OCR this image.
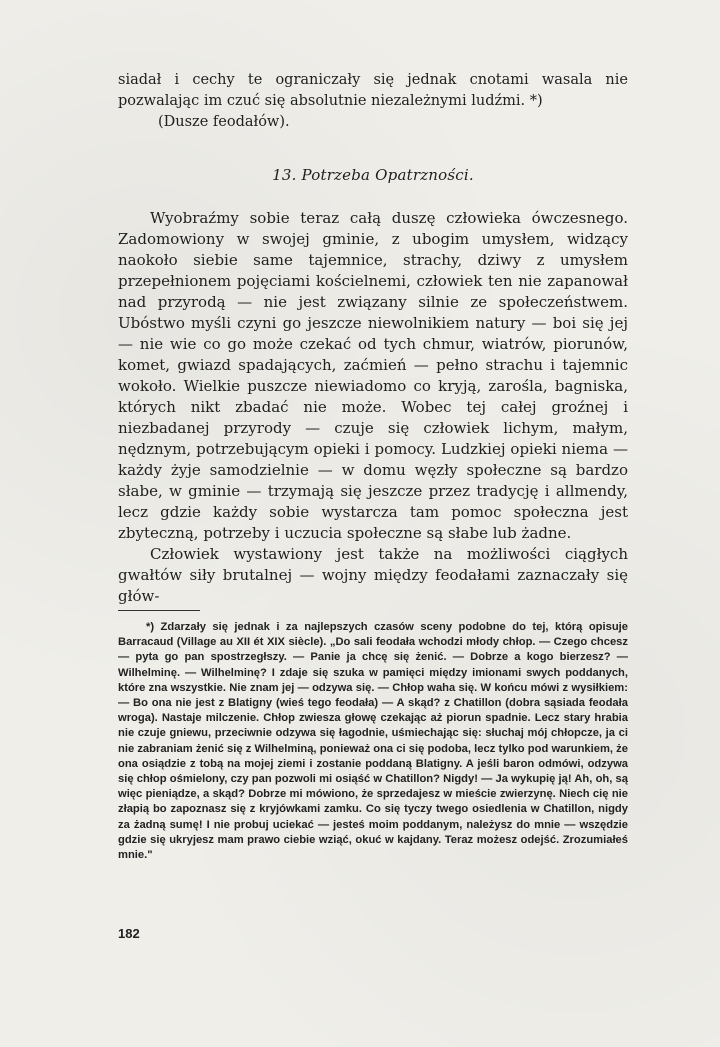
siadał i cechy te ograniczały się jednak cnotami wasala nie pozwalając im czuć się absolutnie niezależnymi ludźmi. *)

(Dusze feodałów).

13. Potrzeba Opatrzności.

Wyobraźmy sobie teraz całą duszę człowieka ówczesnego. Zadomowiony w swojej gminie, z ubogim umysłem, widzący naokoło siebie same tajemnice, strachy, dziwy z umysłem przepełnionem pojęciami kościelnemi, człowiek ten nie zapanował nad przyrodą — nie jest związany silnie ze społeczeństwem. Ubóstwo myśli czyni go jeszcze niewolnikiem natury — boi się jej — nie wie co go może czekać od tych chmur, wiatrów, piorunów, komet, gwiazd spadających, zaćmień — pełno strachu i tajemnic wokoło. Wielkie puszcze niewiadomo co kryją, zarośla, bagniska, których nikt zbadać nie może. Wobec tej całej groźnej i niezbadanej przyrody — czuje się człowiek lichym, małym, nędznym, potrzebującym opieki i pomocy. Ludzkiej opieki niema — każdy żyje samodzielnie — w domu węzły społeczne są bardzo słabe, w gminie — trzymają się jeszcze przez tradycję i allmendy, lecz gdzie każdy sobie wystarcza tam pomoc społeczna jest zbyteczną, potrzeby i uczucia społeczne są słabe lub żadne.

Człowiek wystawiony jest także na możliwości ciągłych gwałtów siły brutalnej — wojny między feodałami zaznaczały się głów-

*) Zdarzały się jednak i za najlepszych czasów sceny podobne do tej, którą opisuje Barracaud (Village au XII ét XIX siècle). „Do sali feodała wchodzi młody chłop. — Czego chcesz — pyta go pan spostrzegłszy. — Panie ja chcę się żenić. — Dobrze a kogo bierzesz? — Wilhelminę. — Wilhelminę? I zdaje się szuka w pamięci między imionami swych poddanych, które zna wszystkie. Nie znam jej — odzywa się. — Chłop waha się. W końcu mówi z wysiłkiem: — Bo ona nie jest z Blatigny (wieś tego feodała) — A skąd? z Chatillon (dobra sąsiada feodała wroga). Nastaje milczenie. Chłop zwiesza głowę czekając aż piorun spadnie. Lecz stary hrabia nie czuje gniewu, przeciwnie odzywa się łagodnie, uśmiechając się: słuchaj mój chłopcze, ja ci nie zabraniam żenić się z Wilhelminą, ponieważ ona ci się podoba, lecz tylko pod warunkiem, że ona osiądzie z tobą na mojej ziemi i zostanie poddaną Blatigny. A jeśli baron odmówi, odzywa się chłop ośmielony, czy pan pozwoli mi osiąść w Chatillon? Nigdy! — Ja wykupię ją! Ah, oh, są więc pieniądze, a skąd? Dobrze mi mówiono, że sprzedajesz w mieście zwierzynę. Niech cię nie złapią bo zapoznasz się z kryjówkami zamku. Co się tyczy twego osiedlenia w Chatillon, nigdy za żadną sumę! I nie probuj uciekać — jesteś moim poddanym, należysz do mnie — wszędzie gdzie się ukryjesz mam prawo ciebie wziąć, okuć w kajdany. Teraz możesz odejść. Zrozumiałeś mnie."

182
